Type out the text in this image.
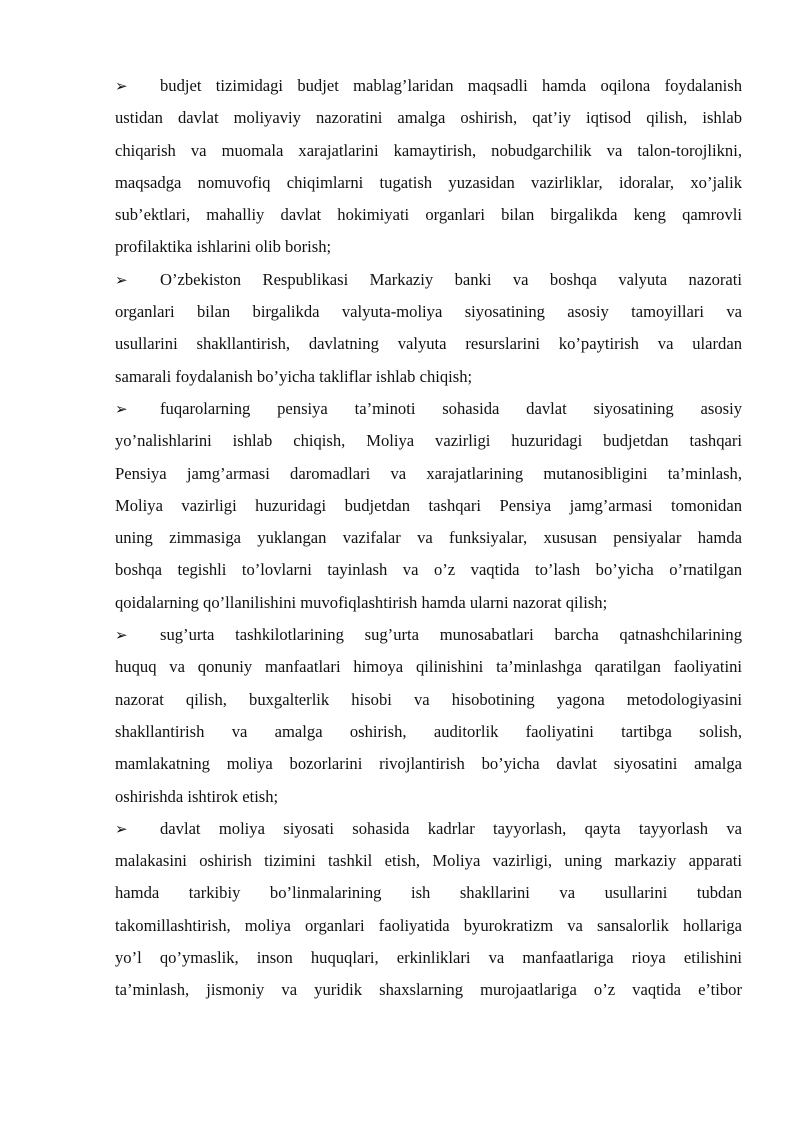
➢	budjet tizimidagi budjet mablag’laridan maqsadli hamda oqilona foydalanish
ustidan davlat moliyaviy nazoratini amalga oshirish, qat’iy iqtisod qilish, ishlab
chiqarish va muomala xarajatlarini kamaytirish, nobudgarchilik va talon-torojlikni,
maqsadga nomuvofiq chiqimlarni tugatish yuzasidan vazirliklar, idoralar, xo’jalik
sub’ektlari, mahalliy davlat hokimiyati organlari bilan birgalikda keng qamrovli
profilaktika ishlarini olib borish;
➢	O’zbekiston Respublikasi Markaziy banki va boshqa valyuta nazorati
organlari bilan birgalikda valyuta-moliya siyosatining asosiy tamoyillari va
usullarini shakllantirish, davlatning valyuta resurslarini ko’paytirish va ulardan
samarali foydalanish bo’yicha takliflar ishlab chiqish;
➢	fuqarolarning pensiya ta’minoti sohasida davlat siyosatining asosiy
yo’nalishlarini ishlab chiqish, Moliya vazirligi huzuridagi budjetdan tashqari
Pensiya jamg’armasi daromadlari va xarajatlarining mutanosibligini ta’minlash,
Moliya vazirligi huzuridagi budjetdan tashqari Pensiya jamg’armasi tomonidan
uning zimmasiga yuklangan vazifalar va funksiyalar, xususan pensiyalar hamda
boshqa tegishli to’lovlarni tayinlash va o’z vaqtida to’lash bo’yicha o’rnatilgan
qoidalarning qo’llanilishini muvofiqlashtirish hamda ularni nazorat qilish;
➢	sug’urta tashkilotlarining sug’urta munosabatlari barcha qatnashchilarining
huquq va qonuniy manfaatlari himoya qilinishini ta’minlashga qaratilgan faoliyatini
nazorat qilish, buxgalterlik hisobi va hisobotining yagona metodologiyasini
shakllantirish va amalga oshirish, auditorlik faoliyatini tartibga solish,
mamlakatning moliya bozorlarini rivojlantirish bo’yicha davlat siyosatini amalga
oshirishda ishtirok etish;
➢	davlat moliya siyosati sohasida kadrlar tayyorlash, qayta tayyorlash va
malakasini oshirish tizimini tashkil etish, Moliya vazirligi, uning markaziy apparati
hamda tarkibiy bo’linmalarining ish shakllarini va usullarini tubdan
takomillashtirish, moliya organlari faoliyatida byurokratizm va sansalorlik hollariga
yo’l qo’ymaslik, inson huquqlari, erkinliklari va manfaatlariga rioya etilishini
ta’minlash, jismoniy va yuridik shaxslarning murojaatlariga o’z vaqtida e’tibor
